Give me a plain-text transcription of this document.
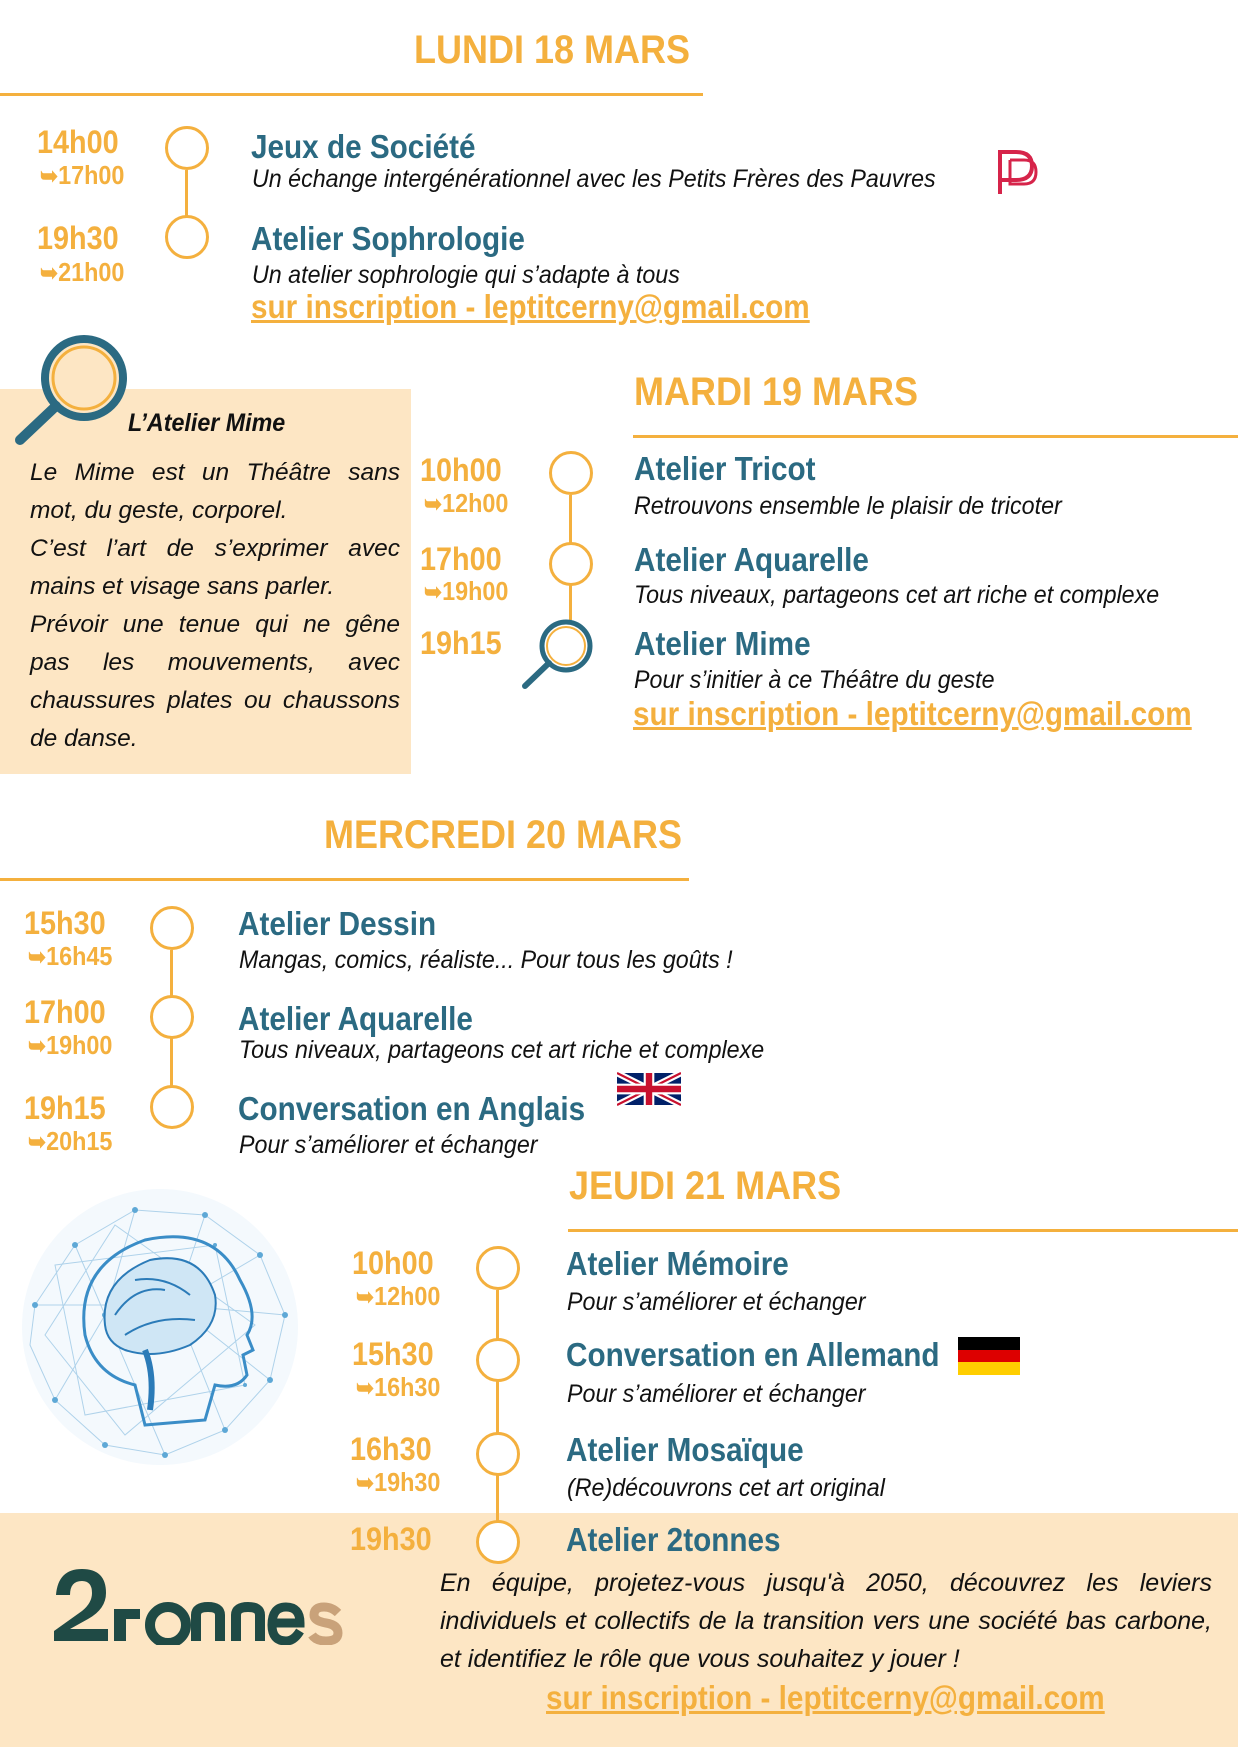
LUNDI 18 MARS
14h00
➥17h00
Jeux de Société
Un échange intergénérationnel avec les Petits Frères des Pauvres
19h30
➥21h00
Atelier Sophrologie
Un atelier sophrologie qui s’adapte à tous
sur inscription - leptitcerny@gmail.com
L’Atelier Mime
Le Mime est un Théâtre sans mot, du geste, corporel.
C’est l’art de s’exprimer avec mains et visage sans parler.
Prévoir une tenue qui ne gêne pas les mouvements, avec chaussures plates ou chaussons de danse.
MARDI 19 MARS
10h00
➥12h00
Atelier Tricot
Retrouvons ensemble le plaisir de tricoter
17h00
➥19h00
Atelier Aquarelle
Tous niveaux, partageons cet art riche et complexe
19h15	Atelier Mime
Pour s’initier à ce Théâtre du geste
sur inscription - leptitcerny@gmail.com
MERCREDI 20 MARS
15h30
➥16h45
Atelier Dessin
Mangas, comics, réaliste... Pour tous les goûts !
17h00
➥19h00
Atelier Aquarelle
Tous niveaux, partageons cet art riche et complexe
19h15
➥20h15
Conversation en Anglais
Pour s’améliorer et échanger
JEUDI 21 MARS
10h00
➥12h00
Atelier Mémoire
Pour s’améliorer et échanger
15h30
➥16h30
Conversation en Allemand
Pour s’améliorer et échanger
16h30
➥19h30
Atelier Mosaïque
(Re)découvrons cet art original
19h30	Atelier 2tonnes
En équipe, projetez-vous jusqu'à 2050, découvrez les leviers individuels et collectifs de la transition vers une société bas carbone, et identifiez le rôle que vous souhaitez y jouer !
sur inscription - leptitcerny@gmail.com
